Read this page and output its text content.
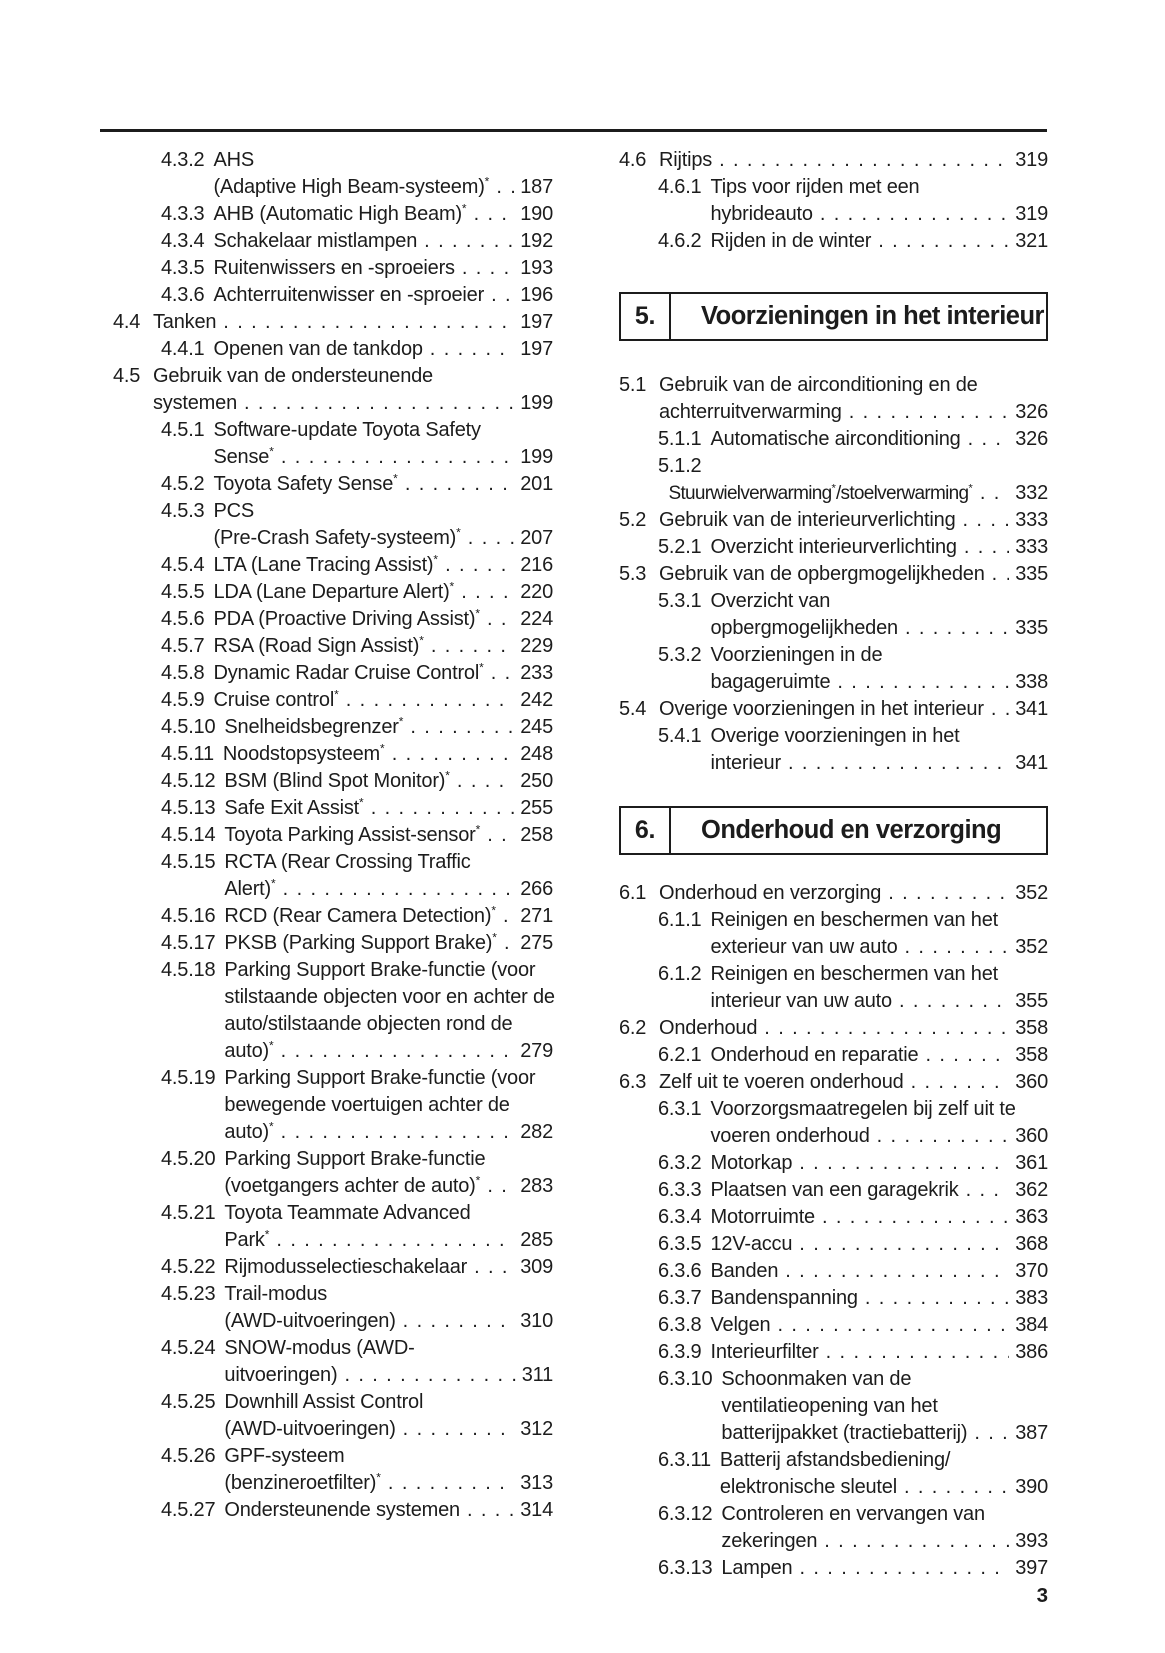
4.3.2 AHS
(Adaptive High Beam-systeem)* . . . 187
4.3.3 AHB (Automatic High Beam)* . . .	190
4.3.4 Schakelaar mistlampen . . .	192
4.3.5 Ruitenwissers en -sproeiers . . .	193
4.3.6 Achterruitenwisser en -sproeier . . . 196
4.4 Tanken . . .	197
4.4.1 Openen van de tankdop . . .	197
4.5 Gebruik van de ondersteunende
systemen . . .	199
4.5.1 Software-update Toyota Safety
Sense* . . .	199
4.5.2 Toyota Safety Sense* . . .	201
4.5.3 PCS
(Pre-Crash Safety-systeem)* . . .	207
4.5.4 LTA (Lane Tracing Assist)* . . .	216
4.5.5 LDA (Lane Departure Alert)* . . .	220
4.5.6 PDA (Proactive Driving Assist)* . . . 224
4.5.7 RSA (Road Sign Assist)* . . .	229
4.5.8 Dynamic Radar Cruise Control* . . . 233
4.5.9 Cruise control* . . .	242
4.5.10 Snelheidsbegrenzer* . . .	245
4.5.11 Noodstopsysteem* . . .	248
4.5.12 BSM (Blind Spot Monitor)* . . .	250
4.5.13 Safe Exit Assist* . . .	255
4.5.14 Toyota Parking Assist-sensor* . . . 258
4.5.15 RCTA (Rear Crossing Traffic
Alert)* . . .	266
4.5.16 RCD (Rear Camera Detection)* . . . 271
4.5.17 PKSB (Parking Support Brake)* . . . 275
4.5.18 Parking Support Brake-functie (voor
stilstaande objecten voor en achter de
auto/stilstaande objecten rond de
auto)* . . .	279
4.5.19 Parking Support Brake-functie (voor
bewegende voertuigen achter de
auto)* . . .	282
4.5.20 Parking Support Brake-functie
(voetgangers achter de auto)* . . . 283
4.5.21 Toyota Teammate Advanced
Park* . . .	285
4.5.22 Rijmodusselectieschakelaar . . .	309
4.5.23 Trail-modus
(AWD-uitvoeringen) . . .	310
4.5.24 SNOW-modus (AWD-
uitvoeringen) . . .	311
4.5.25 Downhill Assist Control
(AWD-uitvoeringen) . . .	312
4.5.26 GPF-systeem
(benzineroetfilter)* . . .	313
4.5.27 Ondersteunende systemen . . .	314
4.6 Rijtips . . .	319
4.6.1 Tips voor rijden met een
hybrideauto . . .	319
4.6.2 Rijden in de winter . . .	321
5.	Voorzieningen in het interieur
5.1 Gebruik van de airconditioning en de
achterruitverwarming . . .	326
5.1.1 Automatische airconditioning . . .	326
5.1.2
Stuurwielverwarming*/stoelverwarming* . . . 332
5.2 Gebruik van de interieurverlichting . . .	333
5.2.1 Overzicht interieurverlichting . . .	333
5.3 Gebruik van de opbergmogelijkheden . . . 335
5.3.1 Overzicht van
opbergmogelijkheden . . .	335
5.3.2 Voorzieningen in de
bagageruimte . . .	338
5.4 Overige voorzieningen in het interieur . . . 341
5.4.1 Overige voorzieningen in het
interieur . . .	341
6.	Onderhoud en verzorging
6.1 Onderhoud en verzorging . . .	352
6.1.1 Reinigen en beschermen van het
exterieur van uw auto . . .	352
6.1.2 Reinigen en beschermen van het
interieur van uw auto . . .	355
6.2 Onderhoud . . .	358
6.2.1 Onderhoud en reparatie . . .	358
6.3 Zelf uit te voeren onderhoud . . .	360
6.3.1 Voorzorgsmaatregelen bij zelf uit te
voeren onderhoud . . .	360
6.3.2 Motorkap . . .	361
6.3.3 Plaatsen van een garagekrik . . .	362
6.3.4 Motorruimte . . .	363
6.3.5 12V-accu . . .	368
6.3.6 Banden . . .	370
6.3.7 Bandenspanning . . .	383
6.3.8 Velgen . . .	384
6.3.9 Interieurfilter . . .	386
6.3.10 Schoonmaken van de
ventilatieopening van het
batterijpakket (tractiebatterij) . . . 387
6.3.11 Batterij afstandsbediening/
elektronische sleutel . . .	390
6.3.12 Controleren en vervangen van
zekeringen . . .	393
6.3.13 Lampen . . .	397
3
